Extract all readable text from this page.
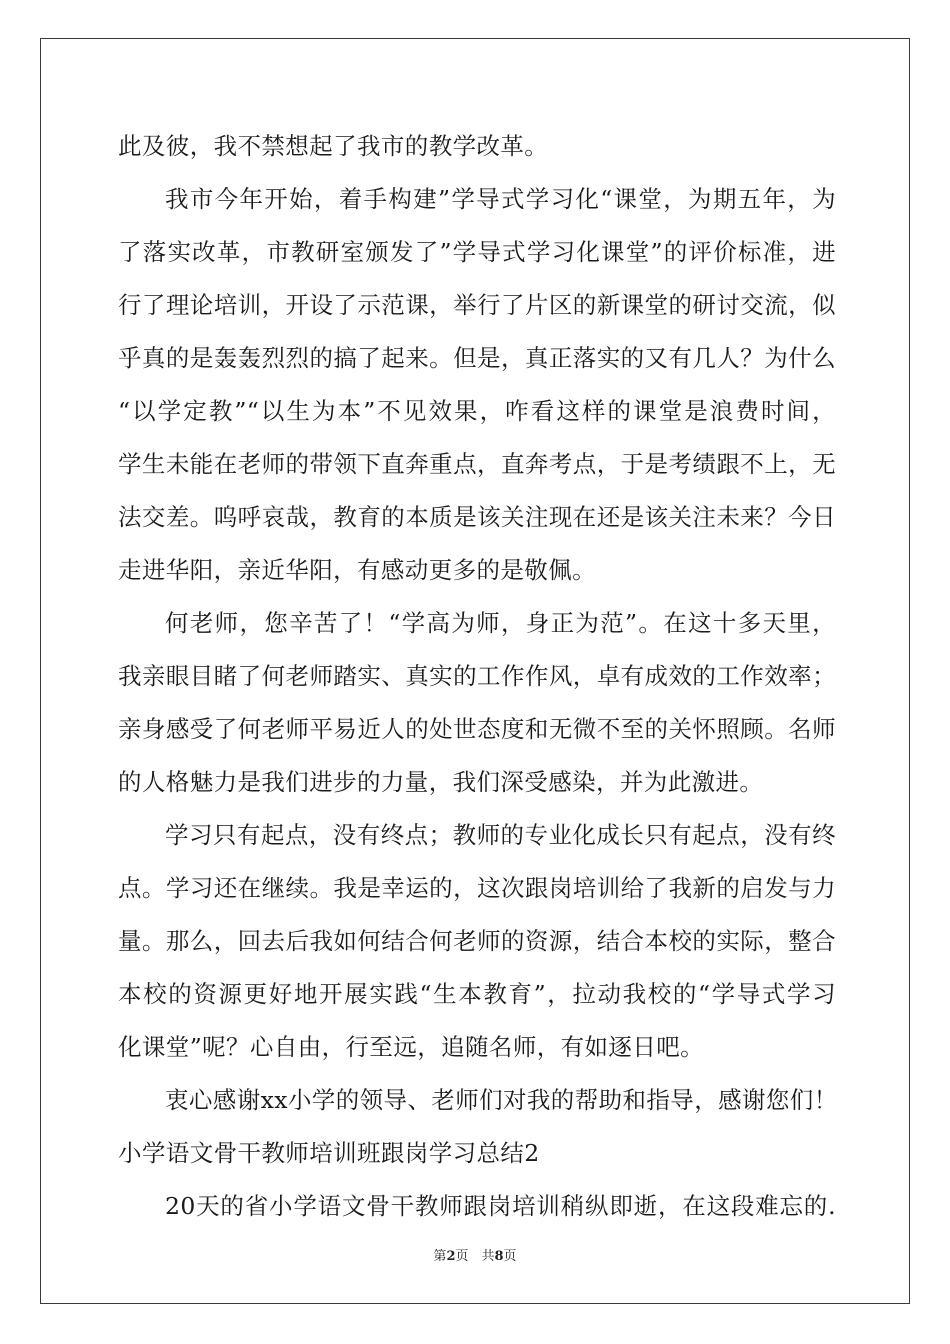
此及彼，我不禁想起了我市的教学改革。
我市今年开始，着手构建”学导式学习化“课堂，为期五年，为
了落实改革，市教研室颁发了”学导式学习化课堂”的评价标准，进
行了理论培训，开设了示范课，举行了片区的新课堂的研讨交流，似
乎真的是轰轰烈烈的搞了起来。但是，真正落实的又有几人？为什么
“以学定教”“以生为本”不见效果，咋看这样的课堂是浪费时间，
学生未能在老师的带领下直奔重点，直奔考点，于是考绩跟不上，无
法交差。呜呼哀哉，教育的本质是该关注现在还是该关注未来？今日
走进华阳，亲近华阳，有感动更多的是敬佩。
何老师，您辛苦了！“学高为师，身正为范”。在这十多天里，
我亲眼目睹了何老师踏实、真实的工作作风，卓有成效的工作效率；
亲身感受了何老师平易近人的处世态度和无微不至的关怀照顾。名师
的人格魅力是我们进步的力量，我们深受感染，并为此激进。
学习只有起点，没有终点；教师的专业化成长只有起点，没有终
点。学习还在继续。我是幸运的，这次跟岗培训给了我新的启发与力
量。那么，回去后我如何结合何老师的资源，结合本校的实际，整合
本校的资源更好地开展实践“生本教育”，拉动我校的“学导式学习
化课堂”呢？心自由，行至远，追随名师，有如逐日吧。
衷心感谢xx小学的领导、老师们对我的帮助和指导，感谢您们！
小学语文骨干教师培训班跟岗学习总结2
20天的省小学语文骨干教师跟岗培训稍纵即逝，在这段难忘的.
第2页　共8页
